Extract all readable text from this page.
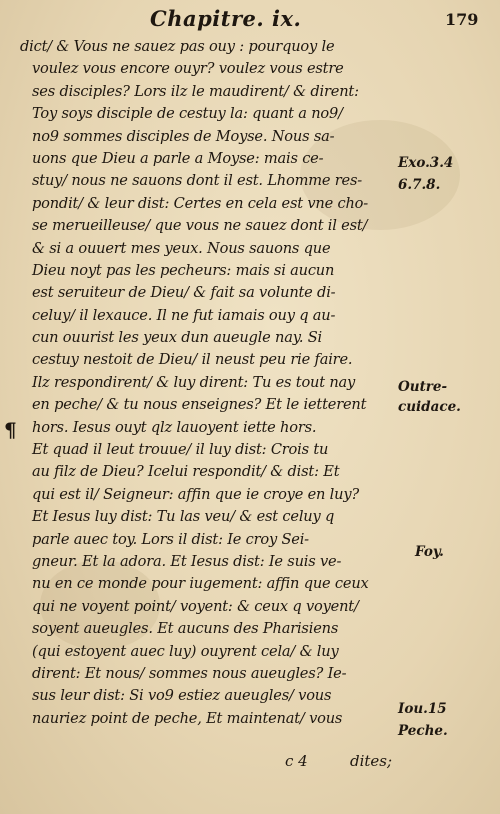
Chapitre. ix.	179
dict/ & Vous ne sauez pas ouy : pourquoy le
voulez vous encore ouyr? voulez vous estre
ses disciples? Lors ilz le maudirent/ & dirent:
Toy soys disciple de cestuy la: quant a no9/
no9 sommes disciples de Moyse. Nous sa-
uons que Dieu a parle a Moyse: mais ce-
stuy/ nous ne sauons dont il est. Lhomme res-
pondit/ & leur dist: Certes en cela est vne cho-
se merueilleuse/ que vous ne sauez dont il est/
& si a ouuert mes yeux. Nous sauons que
Dieu noyt pas les pecheurs: mais si aucun
est seruiteur de Dieu/ & fait sa volunte di-
celuy/ il lexauce. Il ne fut iamais ouy q au-
cun ouurist les yeux dun aueugle nay. Si
cestuy nestoit de Dieu/ il neust peu rie faire.
Ilz respondirent/ & luy dirent: Tu es tout nay
en peche/ & tu nous enseignes? Et le ietterent
hors. Iesus ouyt qlz lauoyent iette hors.
Et quad il leut trouue/ il luy dist: Crois tu
au filz de Dieu? Icelui respondit/ & dist: Et
qui est il/ Seigneur: affin que ie croye en luy?
Et Iesus luy dist: Tu las veu/ & est celuy q
parle auec toy. Lors il dist: Ie croy Sei-
gneur. Et la adora. Et Iesus dist: Ie suis ve-
nu en ce monde pour iugement: affin que ceux
qui ne voyent point/ voyent: & ceux q voyent/
soyent aueugles. Et aucuns des Pharisiens
(qui estoyent auec luy) ouyrent cela/ & luy
dirent: Et nous/ sommes nous aueugles? Ie-
sus leur dist: Si vo9 estiez aueugles/ vous
nauriez point de peche, Et maintenat/ vous
¶
Exo.3.4
6.7.8.
Outre-
cuidace.
Foy.
Iou.15
Peche.
c 4	dites;
